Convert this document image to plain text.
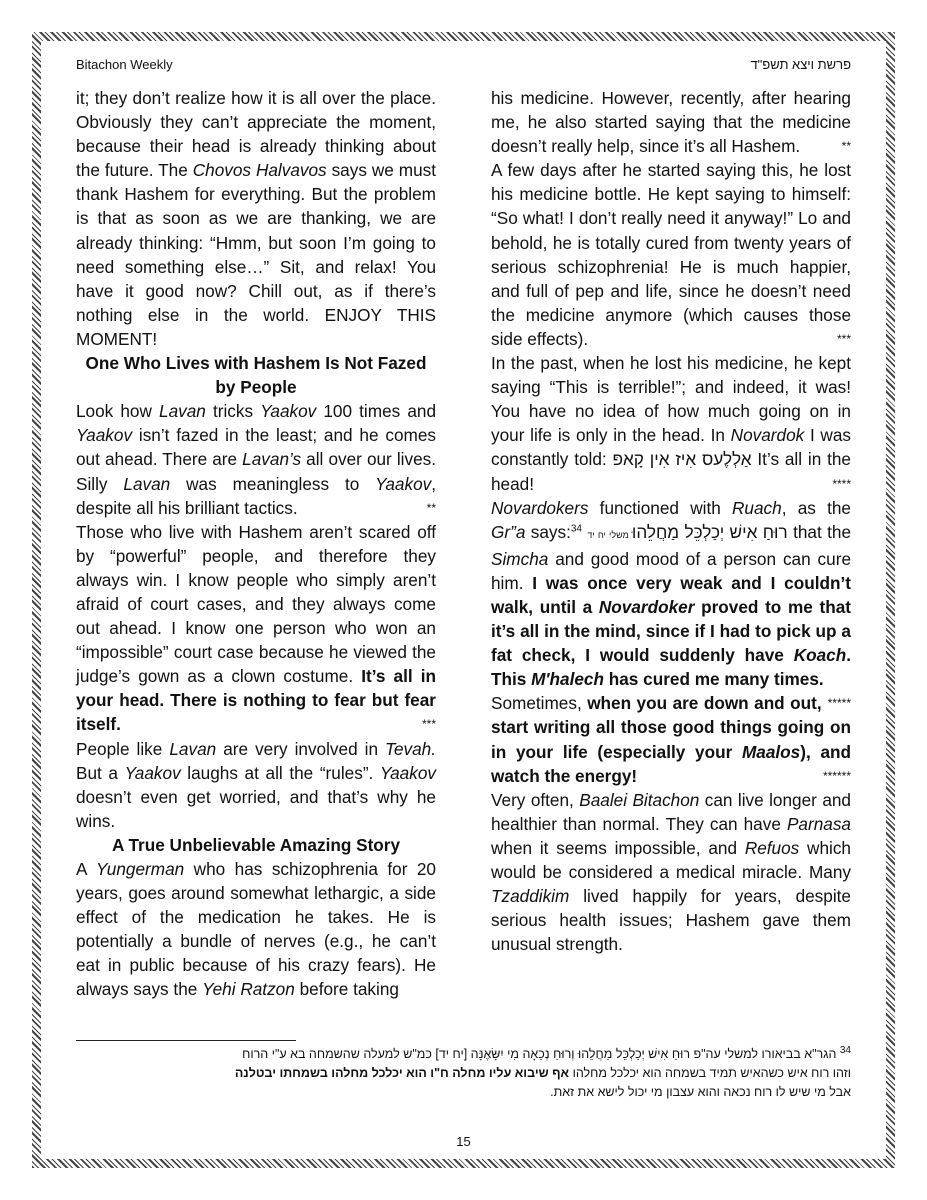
Bitachon Weekly	פרשת ויצא תשפ"ד

it; they don’t realize how it is all over the place. Obviously they can’t appreciate the moment, because their head is already thinking about the future. The Chovos Halvavos says we must thank Hashem for everything. But the problem is that as soon as we are thanking, we are already thinking: “Hmm, but soon I’m going to need something else…” Sit, and relax! You have it good now? Chill out, as if there’s nothing else in the world. ENJOY THIS MOMENT!

One Who Lives with Hashem Is Not Fazed by People

Look how Lavan tricks Yaakov 100 times and Yaakov isn’t fazed in the least; and he comes out ahead. There are Lavan’s all over our lives. Silly Lavan was meaningless to Yaakov, despite all his brilliant tactics.	**

Those who live with Hashem aren’t scared off by “powerful” people, and therefore they always win. I know people who simply aren’t afraid of court cases, and they always come out ahead. I know one person who won an “impossible” court case because he viewed the judge’s gown as a clown costume. It’s all in your head. There is nothing to fear but fear itself.	***

People like Lavan are very involved in Tevah. But a Yaakov laughs at all the “rules”. Yaakov doesn’t even get worried, and that’s why he wins.

A True Unbelievable Amazing Story

A Yungerman who has schizophrenia for 20 years, goes around somewhat lethargic, a side effect of the medication he takes. He is potentially a bundle of nerves (e.g., he can’t eat in public because of his crazy fears). He always says the Yehi Ratzon before taking

his medicine. However, recently, after hearing me, he also started saying that the medicine doesn’t really help, since it’s all Hashem.	**

A few days after he started saying this, he lost his medicine bottle. He kept saying to himself: “So what! I don’t really need it anyway!” Lo and behold, he is totally cured from twenty years of serious schizophrenia! He is much happier, and full of pep and life, since he doesn’t need the medicine anymore (which causes those side effects).	***

In the past, when he lost his medicine, he kept saying “This is terrible!”; and indeed, it was! You have no idea of how much going on in your life is only in the head. In Novardok I was constantly told: אַלְלֶעס אִיז אִין קָאפּ It’s all in the head!	****

Novardokers functioned with Ruach, as the Gr”a says:$^{34}$	רוּחַ אִישׁ יְכַלְכֵּל מַחֲלֵהוּ משלי יח יד	that the Simcha and good mood of a person can cure him. I was once very weak and I couldn’t walk, until a Novardoker proved to me that it’s all in the mind, since if I had to pick up a fat check, I would suddenly have Koach. This M'halech has cured me many times.
*****

Sometimes, when you are down and out, start writing all those good things going on in your life (especially your Maalos), and watch the energy!	******

Very often, Baalei Bitachon can live longer and healthier than normal. They can have Parnasa when it seems impossible, and Refuos which would be considered a medical miracle. Many Tzaddikim lived happily for years, despite serious health issues; Hashem gave them unusual strength.

$^{34}$ הגר"א בביאורו למשלי עה"פ רוּחַ אִישׁ יְכַלְכֵּל מַחֲלֵהוּ וְרוּחַ נְכֵאָה מִי יִשָּׂאֶנָּה [יח יד] כמ"ש למעלה שהשמחה בא ע"י הרוח

וזהו רוח איש כשהאיש תמיד בשמחה הוא יכלכל מחלהו אף שיבוא עליו מחלה ח"ו הוא יכלכל מחלהו בשמחתו יבטלנה

אבל מי שיש לו רוח נכאה והוא עצבון מי יכול לישא את זאת.

15
